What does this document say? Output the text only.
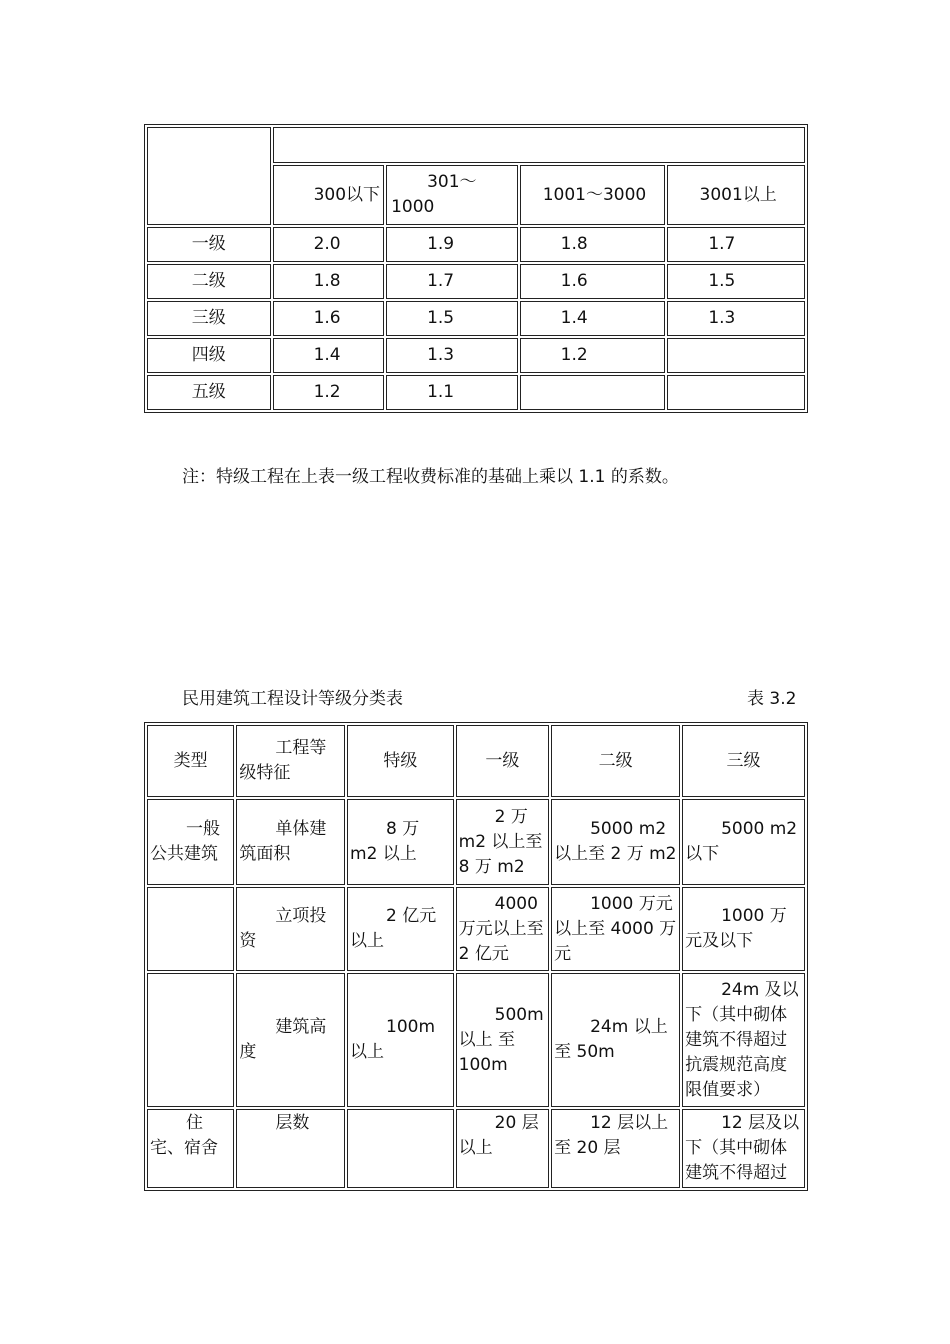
	300以下	301～1000	1001～3000	3001以上
一级	2.0	1.9	1.8	1.7
二级	1.8	1.7	1.6	1.5
三级	1.6	1.5	1.4	1.3
四级	1.4	1.3	1.2	
五级	1.2	1.1		
注：特级工程在上表一级工程收费标准的基础上乘以 1.1 的系数。
民用建筑工程设计等级分类表	表 3.2
类型	工程等级特征	特级	一级	二级	三级
一般公共建筑	单体建筑面积	8 万 m2 以上	2 万 m2 以上至 8 万 m2	5000 m2 以上至 2 万 m2	5000 m2 以下
	立项投资	2 亿元以上	4000 万元以上至 2 亿元	1000 万元以上至 4000 万元	1000 万元及以下
	建筑高度	100m 以上	500m 以上 至 100m	24m 以上 至 50m	24m 及以下（其中砌体建筑不得超过抗震规范高度限值要求）
住宅、宿舍	层数		20 层以上	12 层以上 至 20 层	12 层及以下（其中砌体建筑不得超过
